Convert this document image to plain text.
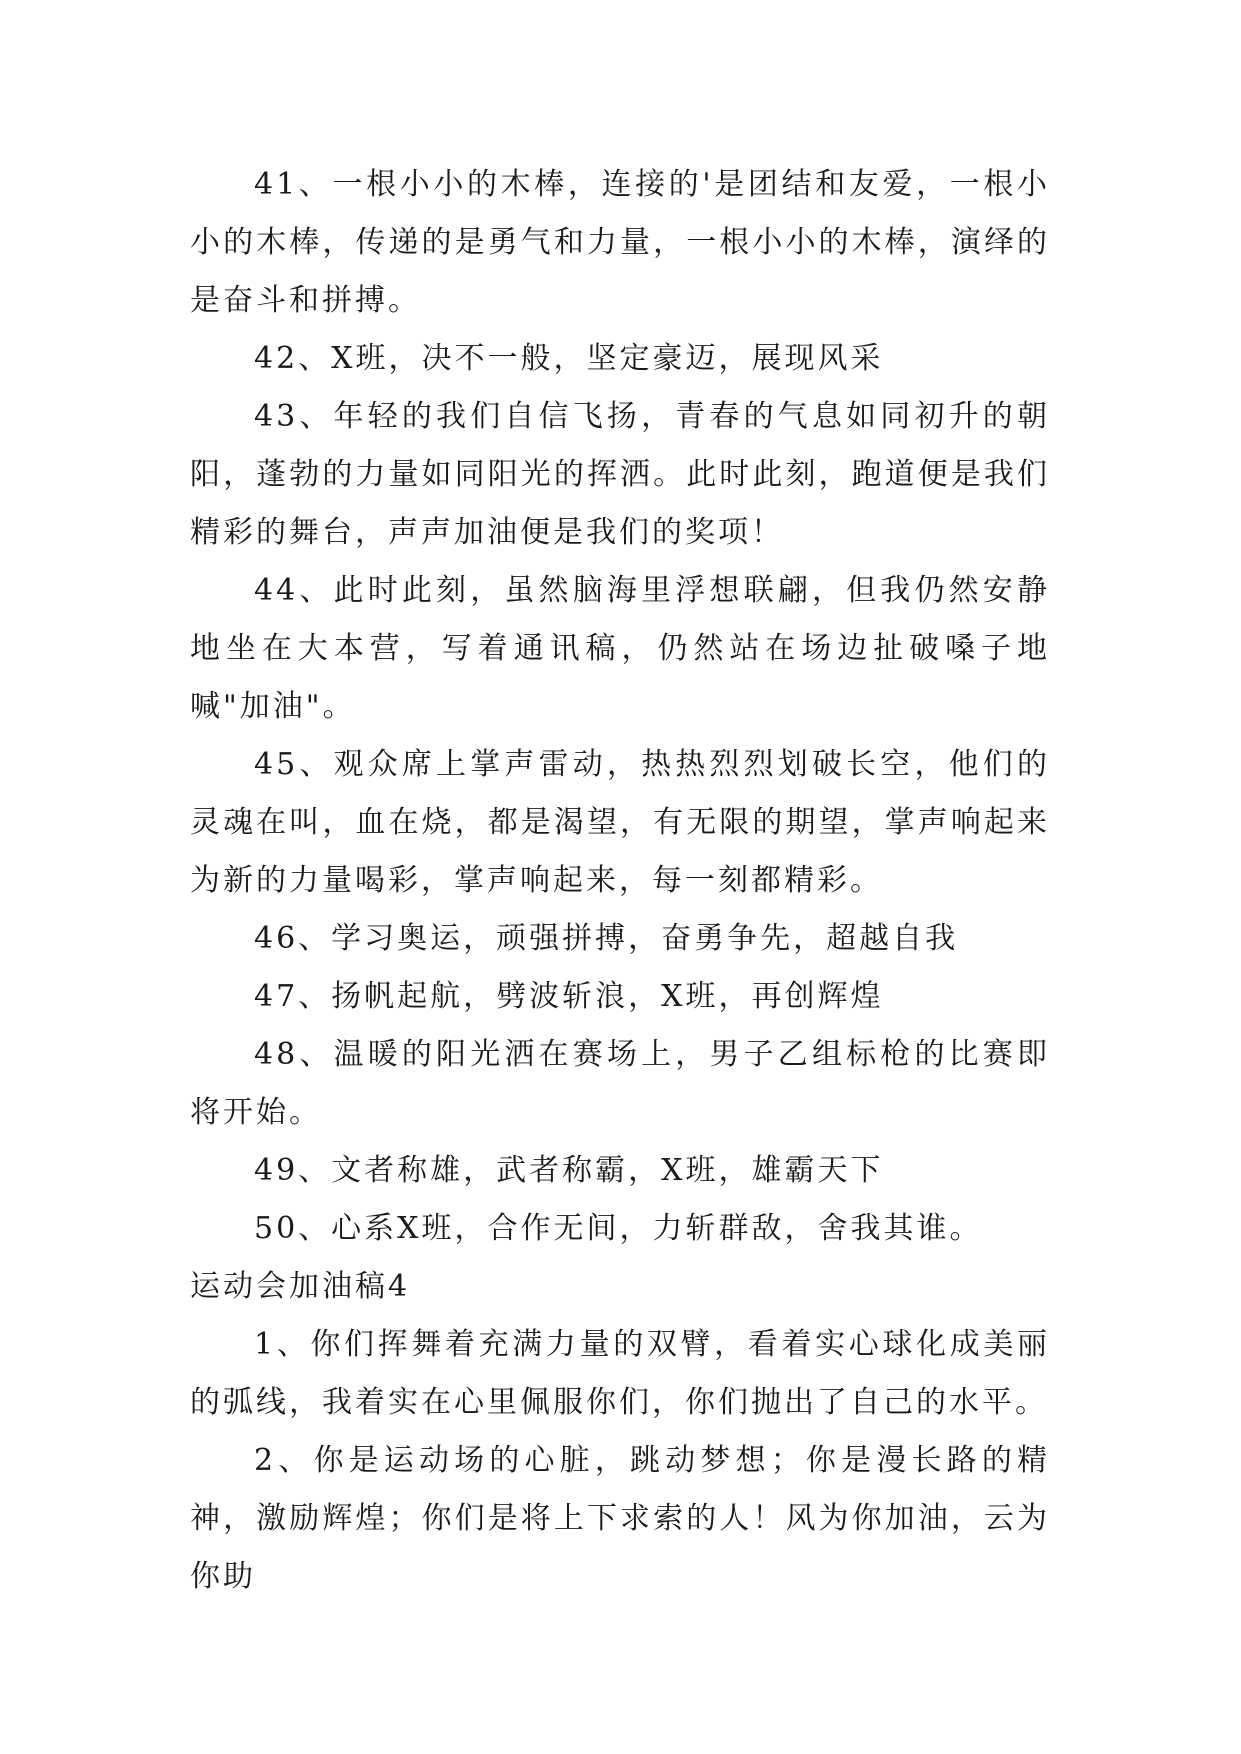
41、一根小小的木棒，连接的'是团结和友爱，一根小小的木棒，传递的是勇气和力量，一根小小的木棒，演绎的是奋斗和拼搏。

42、X班，决不一般，坚定豪迈，展现风采

43、年轻的我们自信飞扬，青春的气息如同初升的朝阳，蓬勃的力量如同阳光的挥洒。此时此刻，跑道便是我们精彩的舞台，声声加油便是我们的奖项！

44、此时此刻，虽然脑海里浮想联翩，但我仍然安静地坐在大本营，写着通讯稿，仍然站在场边扯破嗓子地喊"加油"。

45、观众席上掌声雷动，热热烈烈划破长空，他们的灵魂在叫，血在烧，都是渴望，有无限的期望，掌声响起来为新的力量喝彩，掌声响起来，每一刻都精彩。

46、学习奥运，顽强拼搏，奋勇争先，超越自我

47、扬帆起航，劈波斩浪，X班，再创辉煌

48、温暖的阳光洒在赛场上，男子乙组标枪的比赛即将开始。

49、文者称雄，武者称霸，X班，雄霸天下

50、心系X班，合作无间，力斩群敌，舍我其谁。

运动会加油稿4

1、你们挥舞着充满力量的双臂，看着实心球化成美丽的弧线，我着实在心里佩服你们，你们抛出了自己的水平。

2、你是运动场的心脏，跳动梦想；你是漫长路的精神，激励辉煌；你们是将上下求索的人！风为你加油，云为你助
